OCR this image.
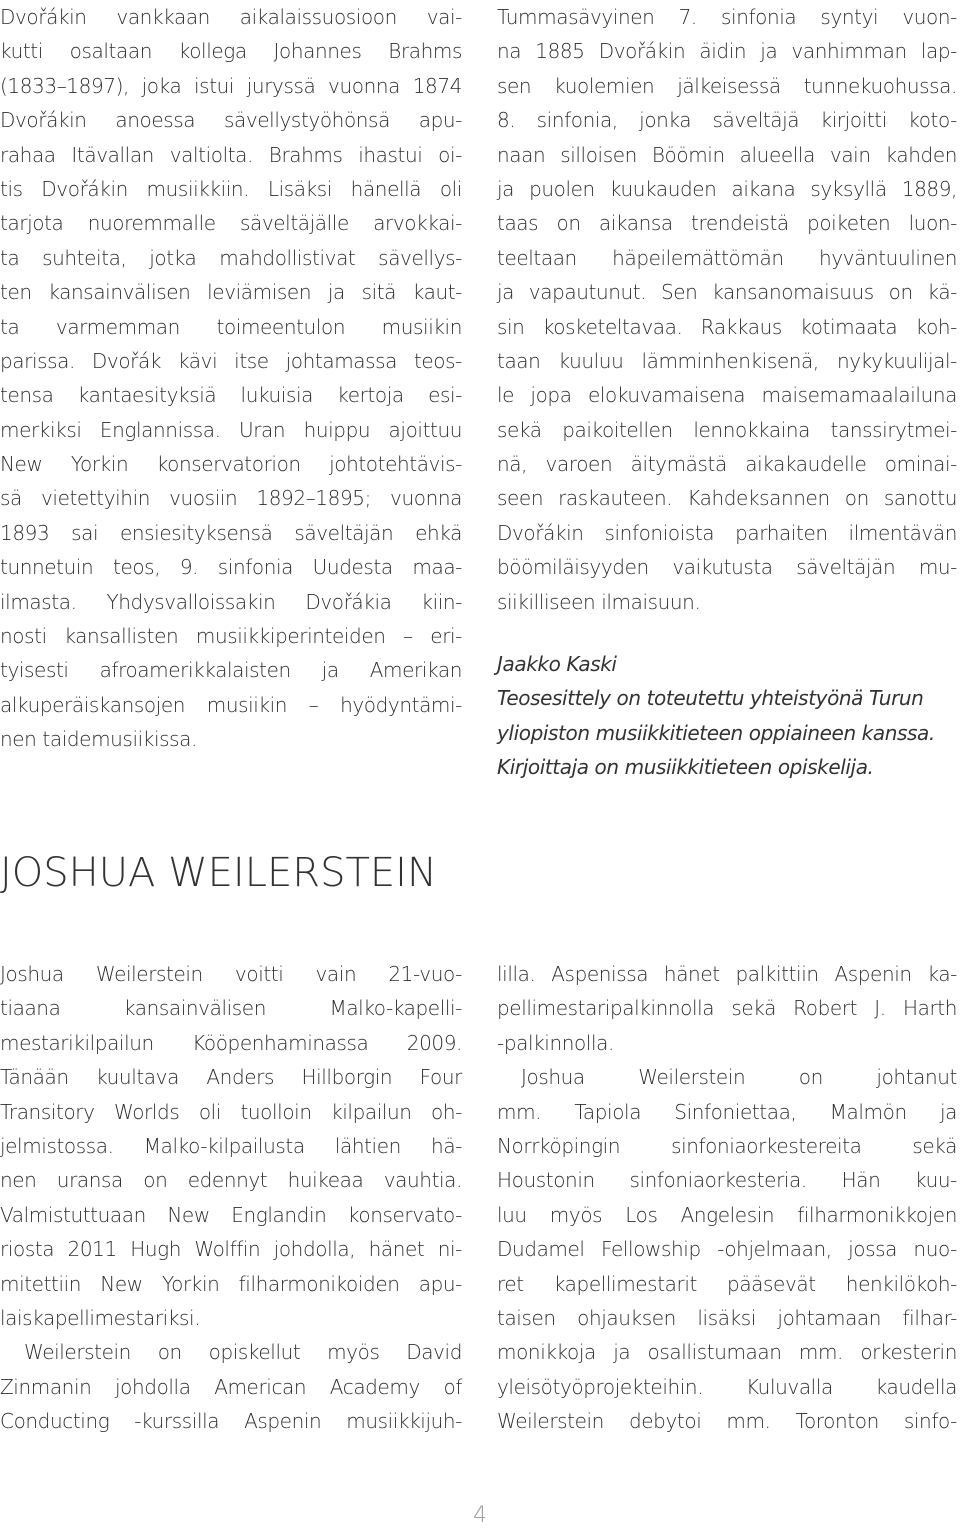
Dvořákin vankkaan aikalaissuosioon vai-
kutti osaltaan kollega Johannes Brahms
(1833–1897), joka istui juryssä vuonna 1874
Dvořákin anoessa sävellystyöhönsä apu-
rahaa Itävallan valtiolta. Brahms ihastui oi-
tis Dvořákin musiikkiin. Lisäksi hänellä oli
tarjota nuoremmalle säveltäjälle arvokkai-
ta suhteita, jotka mahdollistivat sävellys-
ten kansainvälisen leviämisen ja sitä kaut-
ta varmemman toimeentulon musiikin
parissa. Dvořák kävi itse johtamassa teos-
tensa kantaesityksiä lukuisia kertoja esi-
merkiksi Englannissa. Uran huippu ajoittuu
New Yorkin konservatorion johtotehtävis-
sä vietettyihin vuosiin 1892–1895; vuonna
1893 sai ensiesityksensä säveltäjän ehkä
tunnetuin teos, 9. sinfonia Uudesta maa-
ilmasta. Yhdysvalloissakin Dvořákia kiin-
nosti kansallisten musiikkiperinteiden – eri-
tyisesti afroamerikkalaisten ja Amerikan
alkuperäiskansojen musiikin – hyödyntämi-
nen taidemusiikissa.
Tummasävyinen 7. sinfonia syntyi vuon-
na 1885 Dvořákin äidin ja vanhimman lap-
sen kuolemien jälkeisessä tunnekuohussa.
8. sinfonia, jonka säveltäjä kirjoitti koto-
naan silloisen Böömin alueella vain kahden
ja puolen kuukauden aikana syksyllä 1889,
taas on aikansa trendeistä poiketen luon-
teeltaan häpeilemättömän hyväntuulinen
ja vapautunut. Sen kansanomaisuus on kä-
sin kosketeltavaa. Rakkaus kotimaata koh-
taan kuuluu lämminhenkisenä, nykykuulijal-
le jopa elokuvamaisena maisemamaalailuna
sekä paikoitellen lennokkaina tanssirytmei-
nä, varoen äitymästä aikakaudelle ominai-
seen raskauteen. Kahdeksannen on sanottu
Dvořákin sinfonioista parhaiten ilmentävän
böömiläisyyden vaikutusta säveltäjän mu-
siikilliseen ilmaisuun.
Jaakko Kaski
Teosesittely on toteutettu yhteistyönä Turun
yliopiston musiikkitieteen oppiaineen kanssa.
Kirjoittaja on musiikkitieteen opiskelija.
JOSHUA WEILERSTEIN
Joshua Weilerstein voitti vain 21-vuo-
tiaana kansainvälisen Malko-kapelli-
mestarikilpailun Kööpenhaminassa 2009.
Tänään kuultava Anders Hillborgin Four
Transitory Worlds oli tuolloin kilpailun oh-
jelmistossa. Malko-kilpailusta lähtien hä-
nen uransa on edennyt huikeaa vauhtia.
Valmistuttuaan New Englandin konservato-
riosta 2011 Hugh Wolffin johdolla, hänet ni-
mitettiin New Yorkin filharmonikoiden apu-
laiskapellimestariksi.
Weilerstein on opiskellut myös David
Zinmanin johdolla American Academy of
Conducting -kurssilla Aspenin musiikkijuh-
lilla. Aspenissa hänet palkittiin Aspenin ka-
pellimestaripalkinnolla sekä Robert J. Harth
-palkinnolla.
Joshua Weilerstein on johtanut
mm. Tapiola Sinfoniettaa, Malmön ja
Norrköpingin sinfoniaorkestereita sekä
Houstonin sinfoniaorkesteria. Hän kuu-
luu myös Los Angelesin filharmonikkojen
Dudamel Fellowship -ohjelmaan, jossa nuo-
ret kapellimestarit pääsevät henkilökoh-
taisen ohjauksen lisäksi johtamaan filhar-
monikkoja ja osallistumaan mm. orkesterin
yleisötyöprojekteihin. Kuluvalla kaudella
Weilerstein debytoi mm. Toronton sinfo-
4
